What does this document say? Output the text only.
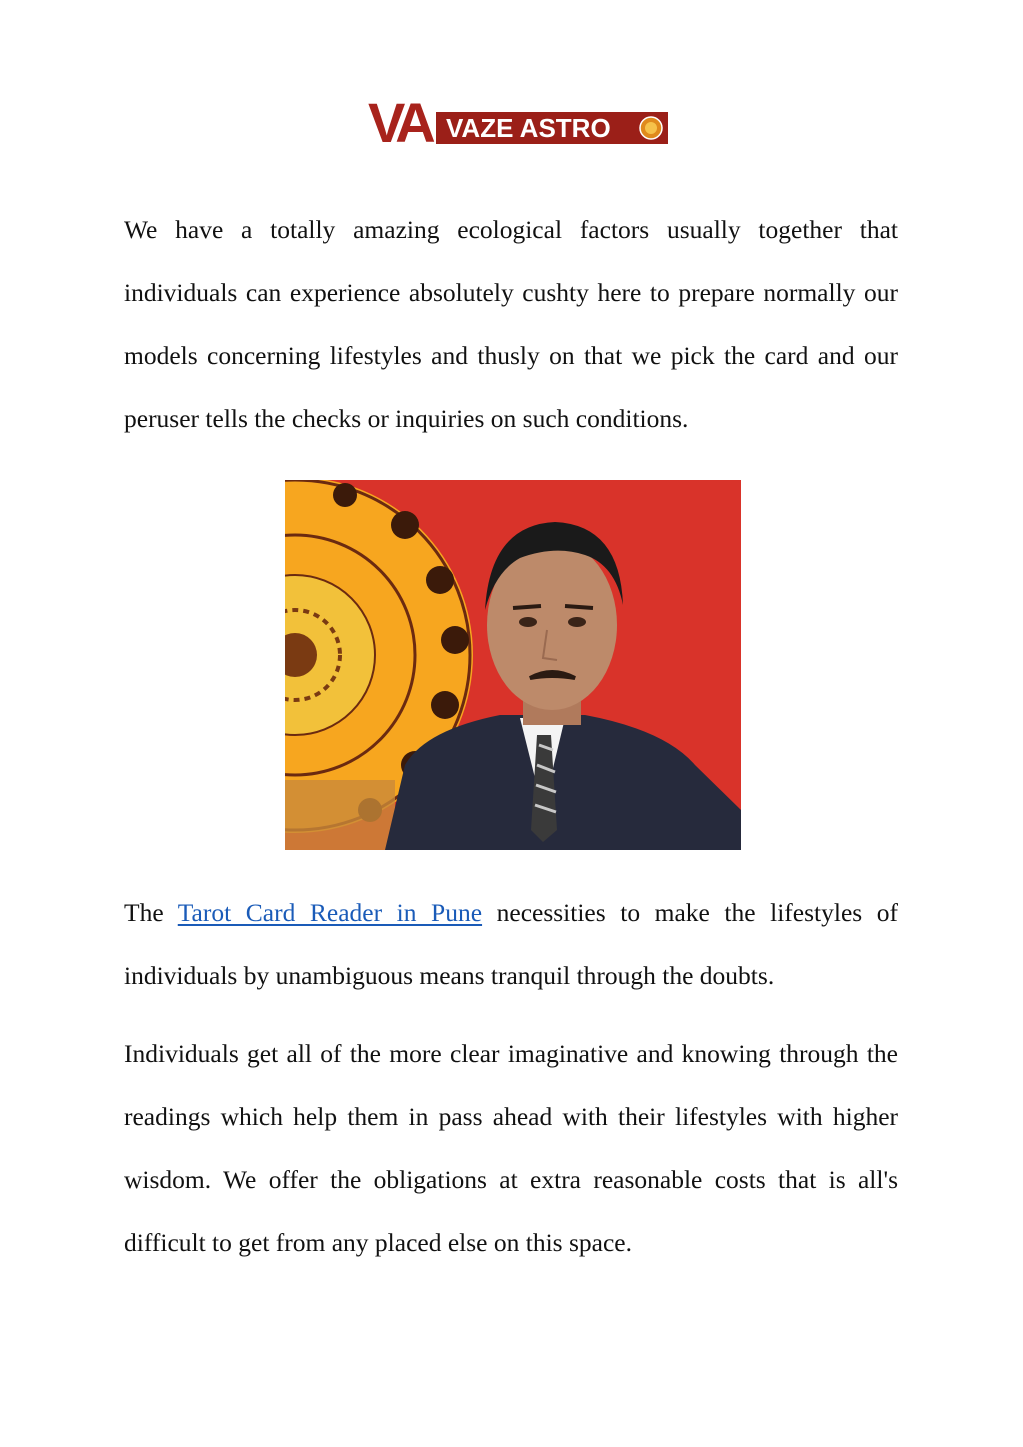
VA VAZE ASTRO

We have a totally amazing ecological factors usually together that individuals can experience absolutely cushty here to prepare normally our models concerning lifestyles and thusly on that we pick the card and our peruser tells the checks or inquiries on such conditions.

The Tarot Card Reader in Pune necessities to make the lifestyles of individuals by unambiguous means tranquil through the doubts.

Individuals get all of the more clear imaginative and knowing through the readings which help them in pass ahead with their lifestyles with higher wisdom. We offer the obligations at extra reasonable costs that is all's difficult to get from any placed else on this space.
